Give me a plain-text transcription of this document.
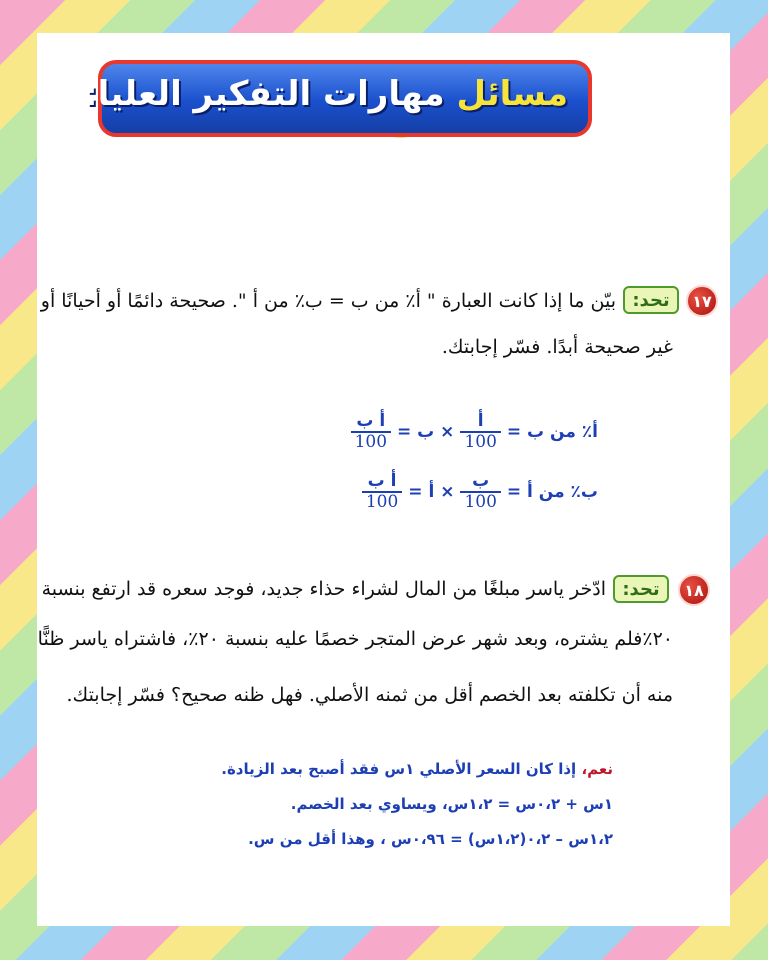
مسائل مهارات التفكير العليا:
١٧
تحد:
بيّن ما إذا كانت العبارة " أ٪ من ب = ب٪ من أ ". صحيحة دائمًا أو أحيانًا أو
غير صحيحة أبدًا. فسّر إجابتك.
أ٪ من ب =
$\frac{\text{أ}}{100}$
× ب =
$\frac{\text{أ ب}}{100}$
ب٪ من أ =
$\frac{\text{ب}}{100}$
× أ =
$\frac{\text{أ ب}}{100}$
١٨
تحد:
ادّخر ياسر مبلغًا من المال لشراء حذاء جديد، فوجد سعره قد ارتفع بنسبة
٢٠٪فلم يشتره، وبعد شهر عرض المتجر خصمًا عليه بنسبة ٢٠٪، فاشتراه ياسر ظنًّا
منه أن تكلفته بعد الخصم أقل من ثمنه الأصلي. فهل ظنه صحيح؟ فسّر إجابتك.
نعم، إذا كان السعر الأصلي ١س فقد أصبح بعد الزيادة.
١س + ٠،٢س = ١،٢س، ويساوي بعد الخصم.
١،٢س – ٠،٢(١،٢س) = ٠،٩٦س ، وهذا أقل من س.
